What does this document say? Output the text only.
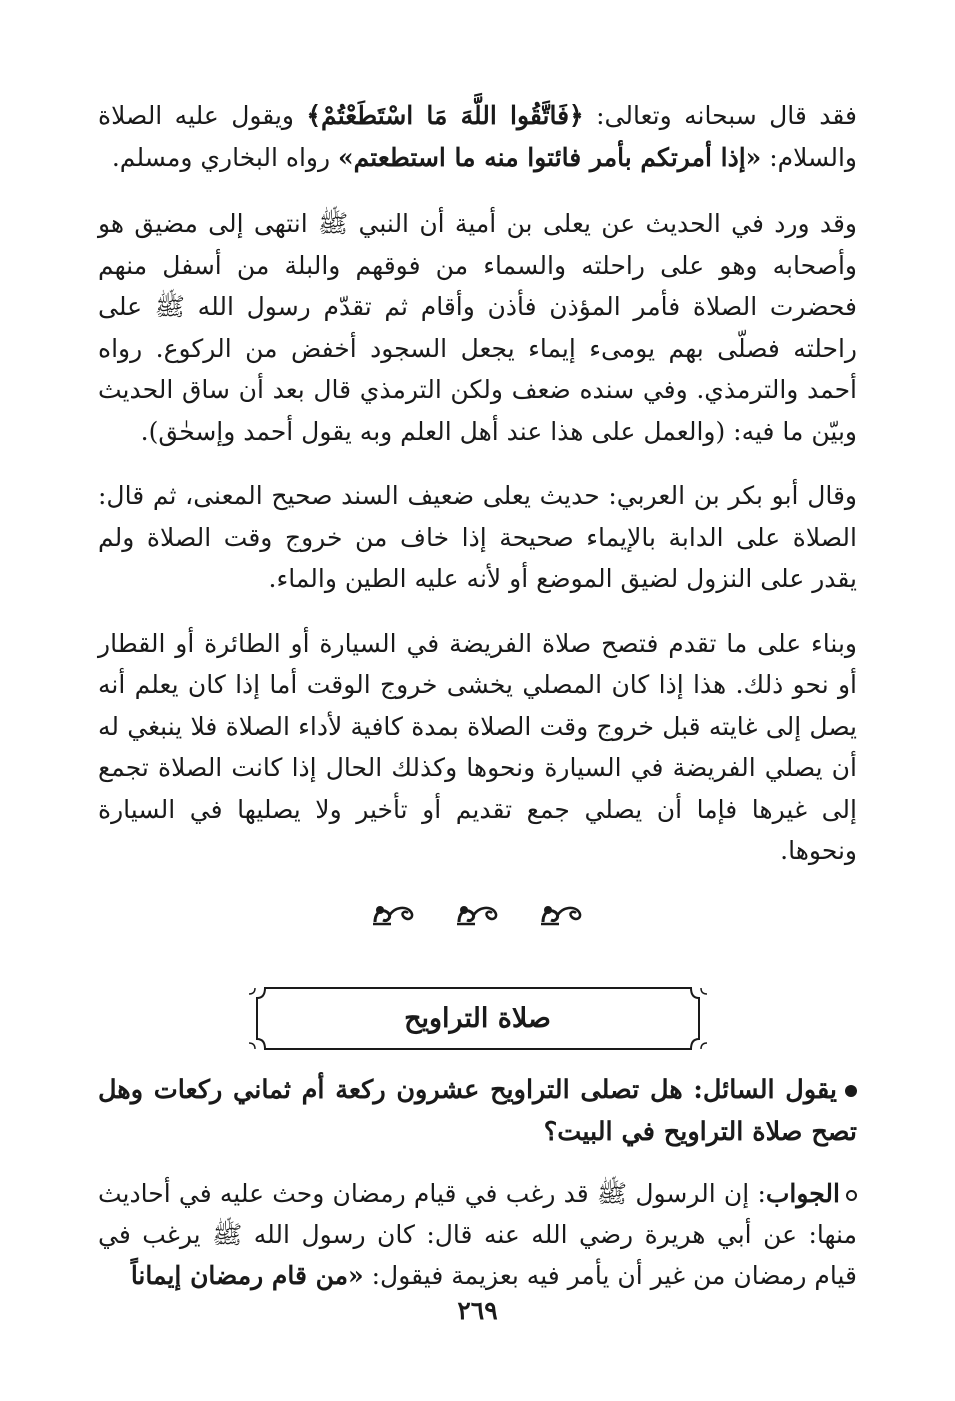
فقد قال سبحانه وتعالى: ﴿فَاتَّقُوا اللَّهَ مَا اسْتَطَعْتُمْ﴾ ويقول عليه الصلاة والسلام: «إذا أمرتكم بأمر فائتوا منه ما استطعتم» رواه البخاري ومسلم.

وقد ورد في الحديث عن يعلى بن أمية أن النبي ﷺ انتهى إلى مضيق هو وأصحابه وهو على راحلته والسماء من فوقهم والبلة من أسفل منهم فحضرت الصلاة فأمر المؤذن فأذن وأقام ثم تقدّم رسول الله ﷺ على راحلته فصلّى بهم يومىء إيماء يجعل السجود أخفض من الركوع. رواه أحمد والترمذي. وفي سنده ضعف ولكن الترمذي قال بعد أن ساق الحديث وبيّن ما فيه: (والعمل على هذا عند أهل العلم وبه يقول أحمد وإسحٰق).

وقال أبو بكر بن العربي: حديث يعلى ضعيف السند صحيح المعنى، ثم قال: الصلاة على الدابة بالإيماء صحيحة إذا خاف من خروج وقت الصلاة ولم يقدر على النزول لضيق الموضع أو لأنه عليه الطين والماء.

وبناء على ما تقدم فتصح صلاة الفريضة في السيارة أو الطائرة أو القطار أو نحو ذلك. هذا إذا كان المصلي يخشى خروج الوقت أما إذا كان يعلم أنه يصل إلى غايته قبل خروج وقت الصلاة بمدة كافية لأداء الصلاة فلا ينبغي له أن يصلي الفريضة في السيارة ونحوها وكذلك الحال إذا كانت الصلاة تجمع إلى غيرها فإما أن يصلي جمع تقديم أو تأخير ولا يصليها في السيارة ونحوها.

صلاة التراويح
يقول السائل: هل تصلى التراويح عشرون ركعة أم ثماني ركعات وهل تصح صلاة التراويح في البيت؟
الجواب: إن الرسول ﷺ قد رغب في قيام رمضان وحث عليه في أحاديث منها: عن أبي هريرة رضي الله عنه قال: كان رسول الله ﷺ يرغب في قيام رمضان من غير أن يأمر فيه بعزيمة فيقول: «من قام رمضان إيماناً
٢٦٩
